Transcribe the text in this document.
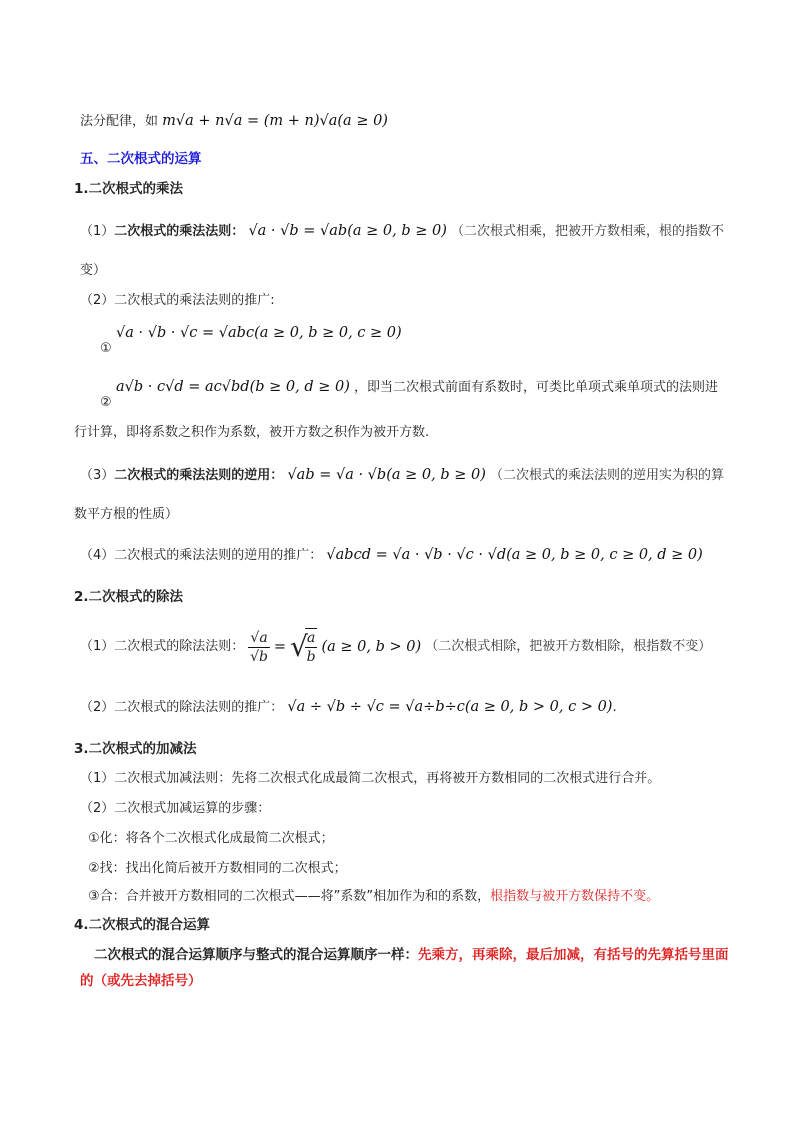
法分配律，如 m√a + n√a = (m + n)√a(a ≥ 0)
五、二次根式的运算
1.二次根式的乘法
（1）二次根式的乘法法则： √a · √b = √ab(a ≥ 0, b ≥ 0) （二次根式相乘，把被开方数相乘，根的指数不
变）
（2）二次根式的乘法法则的推广:
√a · √b · √c = √abc(a ≥ 0, b ≥ 0, c ≥ 0)
①
a√b · c√d = ac√bd(b ≥ 0, d ≥ 0) ，即当二次根式前面有系数时，可类比单项式乘单项式的法则进
②
行计算，即将系数之积作为系数，被开方数之积作为被开方数.
（3）二次根式的乘法法则的逆用： √ab = √a · √b(a ≥ 0, b ≥ 0) （二次根式的乘法法则的逆用实为积的算
数平方根的性质）
（4）二次根式的乘法法则的逆用的推广： √abcd = √a · √b · √c · √d(a ≥ 0, b ≥ 0, c ≥ 0, d ≥ 0)
2.二次根式的除法
（1）二次根式的除法法则： $\frac{√a}{√b}$ = √
$\frac{a}{b} (a \ge 0$, b > 0) （二次根式相除，把被开方数相除，根指数不变）
（2）二次根式的除法法则的推广： √a ÷ √b ÷ √c = √a÷b÷c(a ≥ 0, b > 0, c > 0).
3.二次根式的加减法
（1）二次根式加减法则：先将二次根式化成最简二次根式，再将被开方数相同的二次根式进行合并。
（2）二次根式加减运算的步骤：
①化：将各个二次根式化成最简二次根式；
②找：找出化简后被开方数相同的二次根式；
③合：合并被开方数相同的二次根式——将”系数”相加作为和的系数，根指数与被开方数保持不变。
4.二次根式的混合运算
二次根式的混合运算顺序与整式的混合运算顺序一样：先乘方，再乘除，最后加减，有括号的先算括号里面的（或先去掉括号）
